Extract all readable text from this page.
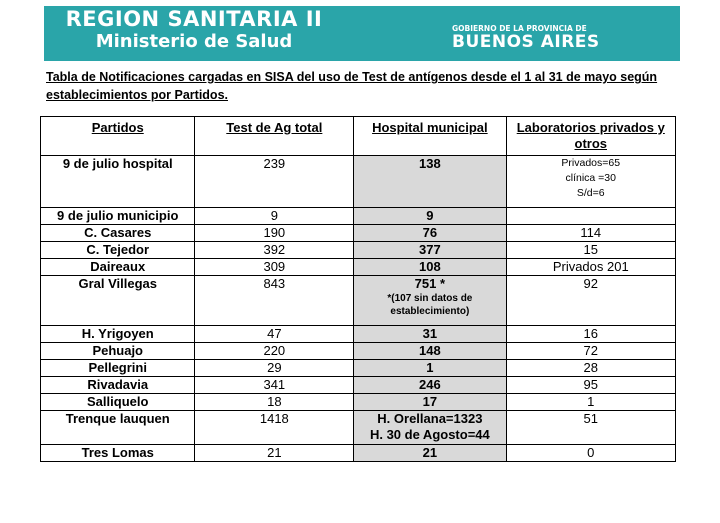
REGION SANITARIA II
Ministerio de Salud
GOBIERNO DE LA PROVINCIA DE
BUENOS AIRES
Tabla de Notificaciones cargadas en SISA del uso de Test de antígenos desde el 1 al 31 de mayo según establecimientos por Partidos.
Partidos	Test de Ag total	Hospital municipal	Laboratorios privados y otros
9 de julio hospital	239	138	Privados=65
clínica =30
S/d=6

9 de julio municipio	9	9	
C. Casares	190	76	114
C. Tejedor	392	377	15
Daireaux	309	108	Privados 201
Gral Villegas	843	751 *
*(107 sin datos de establecimiento)	92
H. Yrigoyen	47	31	16
Pehuajo	220	148	72
Pellegrini	29	1	28
Rivadavia	341	246	95
Salliquelo	18	17	1
Trenque lauquen	1418	H. Orellana=1323
H. 30 de Agosto=44	51
Tres Lomas	21	21	0
